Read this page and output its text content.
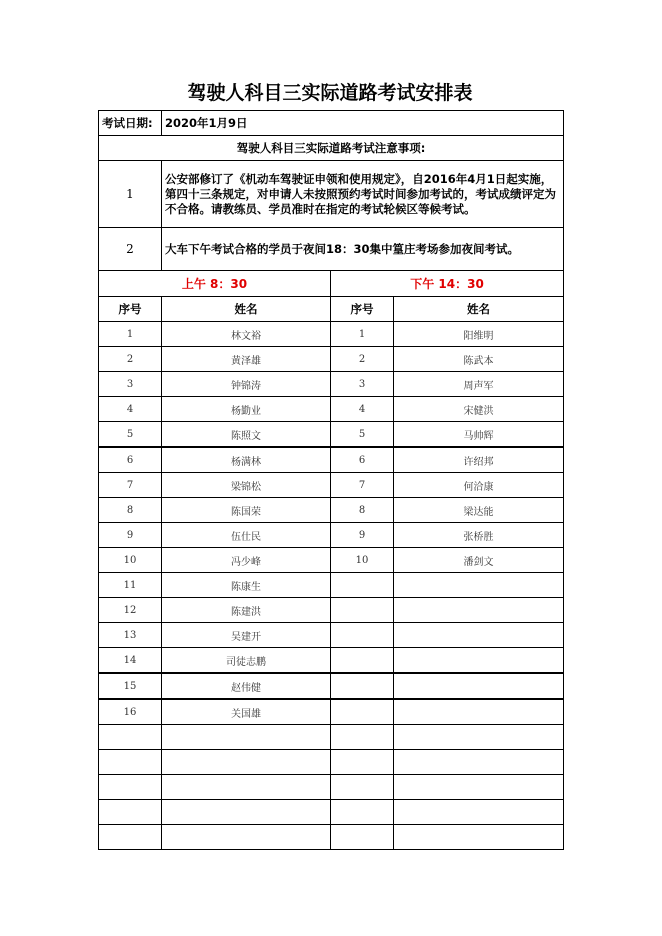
驾驶人科目三实际道路考试安排表
考试日期:	2020年1月9日		
驾驶人科目三实际道路考试注意事项:			
1	公安部修订了《机动车驾驶证申领和使用规定》，自2016年4月1日起实施，第四十三条规定，对申请人未按照预约考试时间参加考试的，考试成绩评定为不合格。请教练员、学员准时在指定的考试轮候区等候考试。		
2	大车下午考试合格的学员于夜间18：30集中篁庄考场参加夜间考试。		
上午 8：30		下午 14：30	
序号	姓名	序号	姓名
1	林文裕	1	阳维明
2	黄泽雄	2	陈武本
3	钟锦涛	3	周声军
4	杨勤业	4	宋健洪
5	陈照文	5	马帅辉
6	杨满林	6	许绍邦
7	梁锦松	7	何洽康
8	陈国荣	8	梁达能
9	伍仕民	9	张桥胜
10	冯少峰	10	潘剑文
11	陈康生		
12	陈建洪		
13	吴建开		
14	司徒志鹏		
15	赵伟健		
16	关国雄		
